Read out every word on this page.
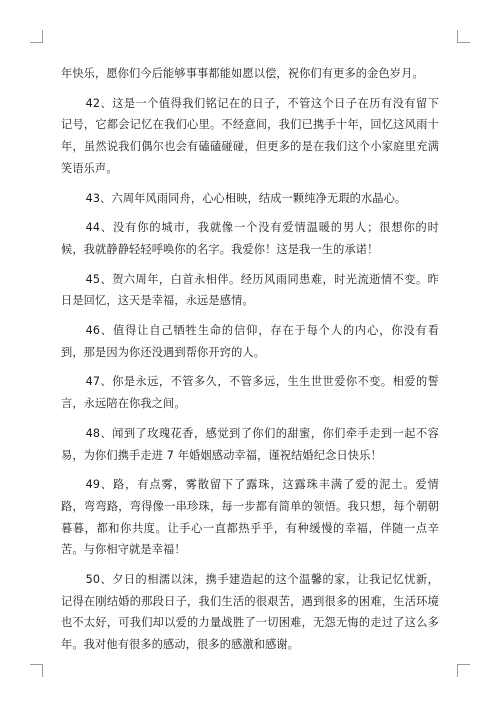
年快乐，愿你们今后能够事事都能如愿以偿，祝你们有更多的金色岁月。

42、这是一个值得我们铭记在的日子，不管这个日子在历有没有留下记号，它都会记忆在我们心里。不经意间，我们已携手十年，回忆这风雨十年，虽然说我们偶尔也会有磕磕碰碰，但更多的是在我们这个小家庭里充满笑语乐声。

43、六周年风雨同舟，心心相映，结成一颗纯净无瑕的水晶心。

44、没有你的城市，我就像一个没有爱情温暖的男人；很想你的时候，我就静静轻轻呼唤你的名字。我爱你！这是我一生的承诺！

45、贺六周年，白首永相伴。经历风雨同患难，时光流逝情不变。昨日是回忆，这天是幸福，永远是感情。

46、值得让自己牺牲生命的信仰，存在于每个人的内心，你没有看到，那是因为你还没遇到帮你开窍的人。

47、你是永远，不管多久，不管多远，生生世世爱你不变。相爱的誓言，永远陪在你我之间。

48、闻到了玫瑰花香，感觉到了你们的甜蜜，你们牵手走到一起不容易，为你们携手走进 7 年婚姻感动幸福，谨祝结婚纪念日快乐！

49、路，有点雾，雾散留下了露珠，这露珠丰满了爱的泥土。爱情路，弯弯路，弯得像一串珍珠，每一步都有简单的领悟。我只想，每个朝朝暮暮，都和你共度。让手心一直都热乎乎，有种缓慢的幸福，伴随一点辛苦。与你相守就是幸福！

50、夕日的相濡以沫，携手建造起的这个温馨的家，让我记忆忧新，记得在刚结婚的那段日子，我们生活的很艰苦，遇到很多的困难，生活环境也不太好，可我们却以爱的力量战胜了一切困难，无怨无悔的走过了这么多年。我对他有很多的感动，很多的感激和感谢。
